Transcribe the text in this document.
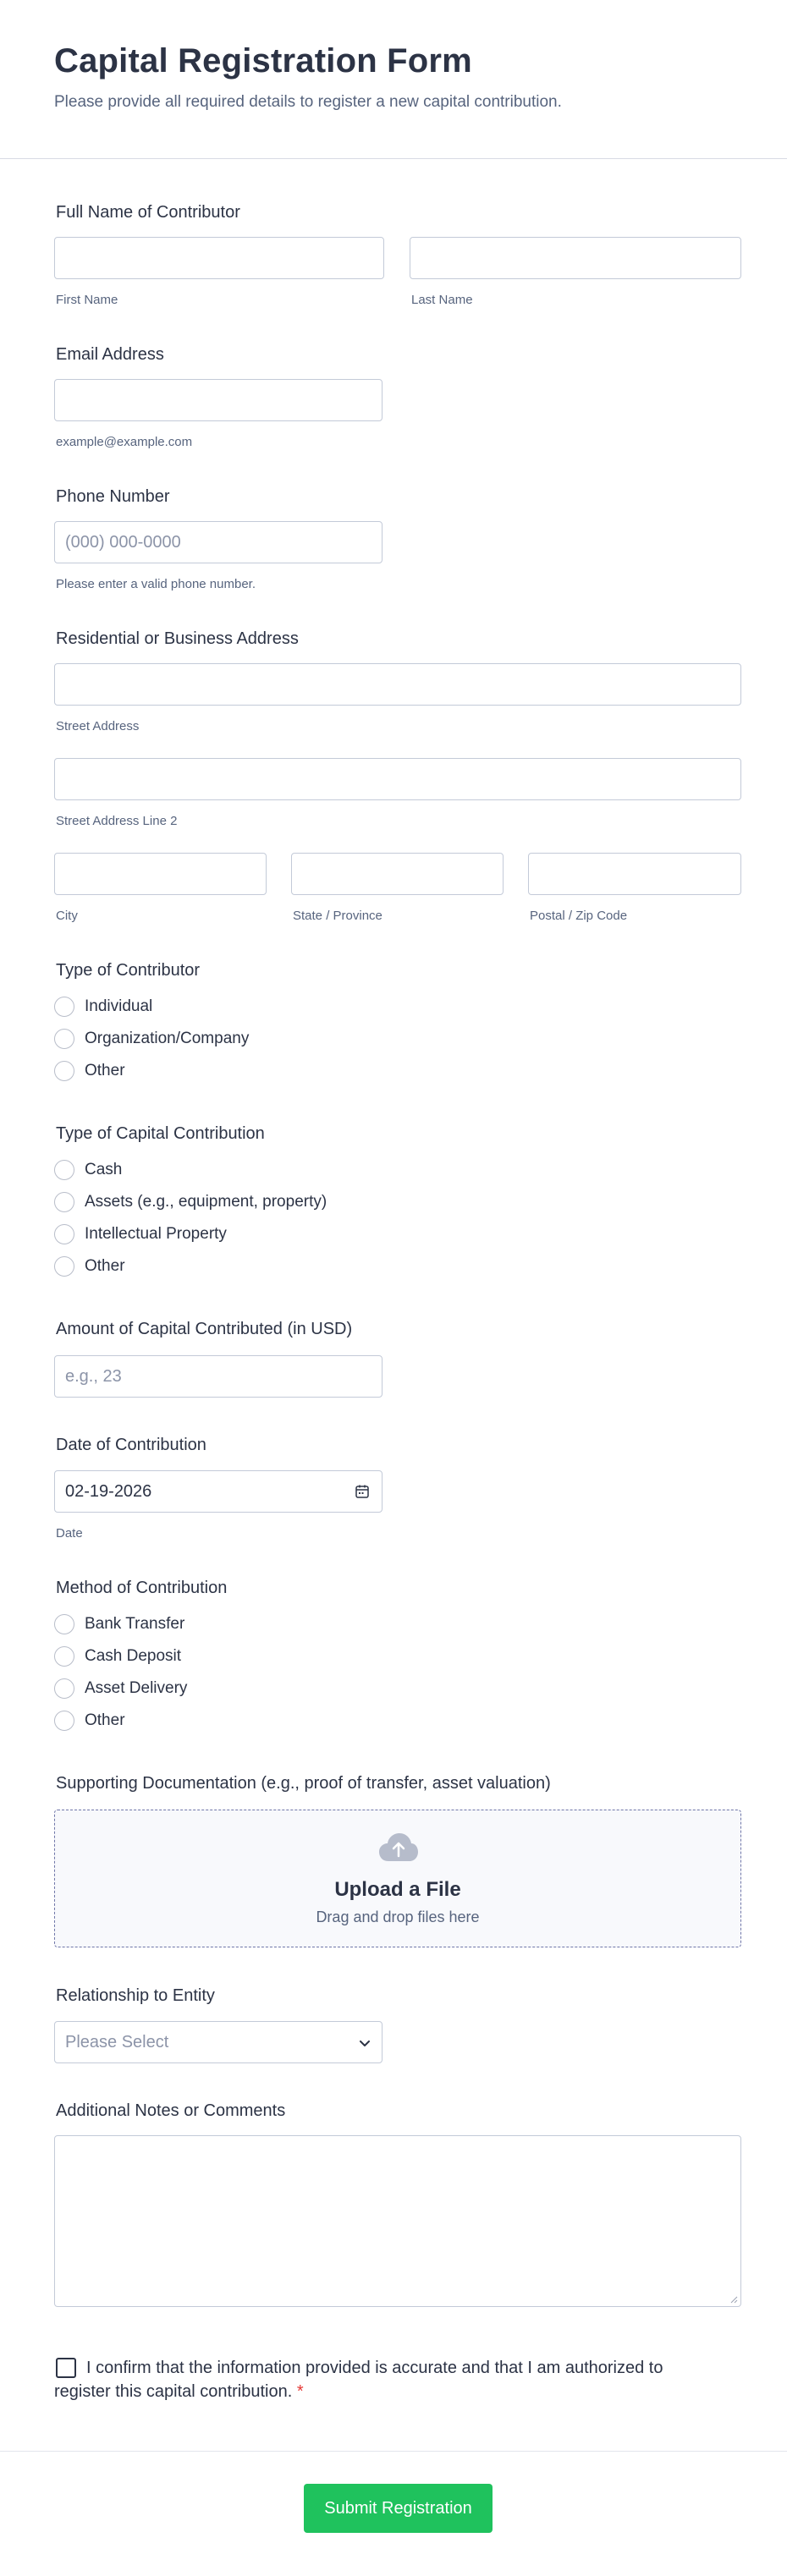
Capital Registration Form
Please provide all required details to register a new capital contribution.
Full Name of Contributor
First Name	Last Name
Email Address
example@example.com
Phone Number
(000) 000-0000
Please enter a valid phone number.
Residential or Business Address
Street Address
Street Address Line 2
City	State / Province	Postal / Zip Code
Type of Contributor
Individual
Organization/Company
Other
Type of Capital Contribution
Cash
Assets (e.g., equipment, property)
Intellectual Property
Other
Amount of Capital Contributed (in USD)
e.g., 23
Date of Contribution
02-19-2026
Date
Method of Contribution
Bank Transfer
Cash Deposit
Asset Delivery
Other
Supporting Documentation (e.g., proof of transfer, asset valuation)
Upload a File
Drag and drop files here
Relationship to Entity
Please Select
Additional Notes or Comments
I confirm that the information provided is accurate and that I am authorized to register this capital contribution. *
Submit Registration
